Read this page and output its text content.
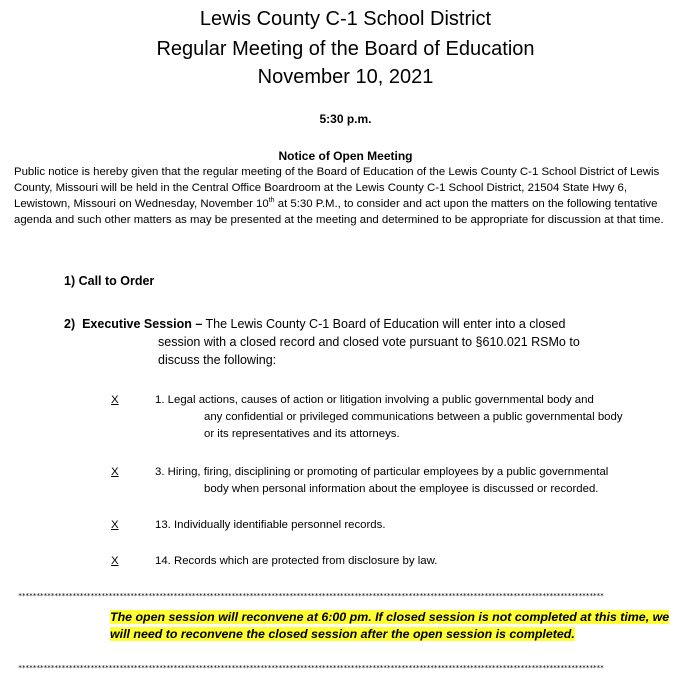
Lewis County C-1 School District
Regular Meeting of the Board of Education
November 10, 2021
5:30 p.m.
Notice of Open Meeting
Public notice is hereby given that the regular meeting of the Board of Education of the Lewis County C-1 School District of Lewis County, Missouri will be held in the Central Office Boardroom at the Lewis County C-1 School District, 21504 State Hwy 6, Lewistown, Missouri on Wednesday, November 10th at 5:30 P.M., to consider and act upon the matters on the following tentative agenda and such other matters as may be presented at the meeting and determined to be appropriate for discussion at that time.
1) Call to Order
2) Executive Session – The Lewis County C-1 Board of Education will enter into a closed
session with a closed record and closed vote pursuant to §610.021 RSMo to
discuss the following:
X	1. Legal actions, causes of action or litigation involving a public governmental body and
any confidential or privileged communications between a public governmental body
or its representatives and its attorneys.
X	3. Hiring, firing, disciplining or promoting of particular employees by a public governmental
body when personal information about the employee is discussed or recorded.
X	13. Individually identifiable personnel records.
X	14. Records which are protected from disclosure by law.
******************************************************************************************************************************************************************
The open session will reconvene at 6:00 pm. If closed session is not completed at this time, we will need to reconvene the closed session after the open session is completed.
******************************************************************************************************************************************************************
